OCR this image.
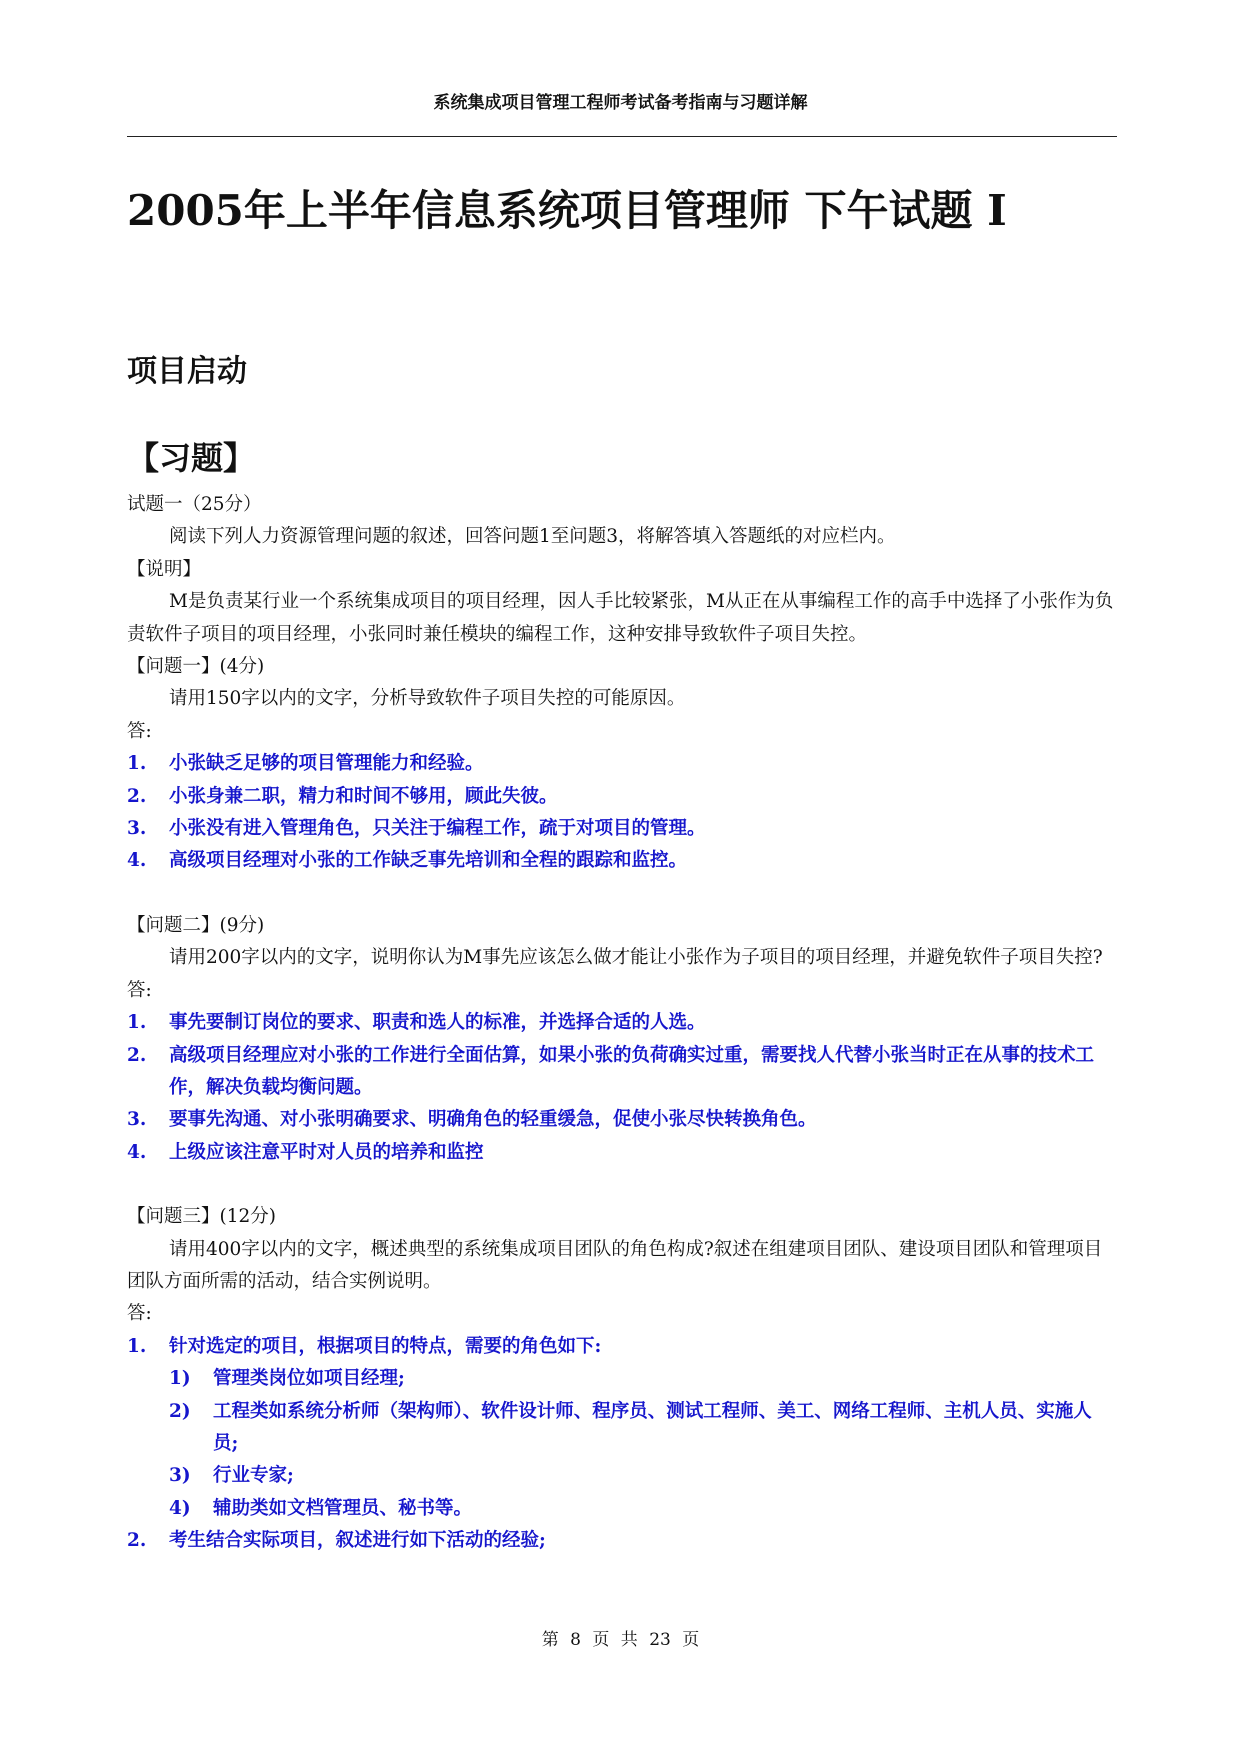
系统集成项目管理工程师考试备考指南与习题详解
2005年上半年信息系统项目管理师 下午试题 I
项目启动
【习题】

试题一（25分）

阅读下列人力资源管理问题的叙述，回答问题1至问题3，将解答填入答题纸的对应栏内。

【说明】

M是负责某行业一个系统集成项目的项目经理，因人手比较紧张，M从正在从事编程工作的高手中选择了小张作为负责软件子项目的项目经理，小张同时兼任模块的编程工作，这种安排导致软件子项目失控。

【问题一】(4分)

请用150字以内的文字，分析导致软件子项目失控的可能原因。

答:

1.	小张缺乏足够的项目管理能力和经验。
2.	小张身兼二职，精力和时间不够用，顾此失彼。
3.	小张没有进入管理角色，只关注于编程工作，疏于对项目的管理。
4.	高级项目经理对小张的工作缺乏事先培训和全程的跟踪和监控。

【问题二】(9分)

请用200字以内的文字，说明你认为M事先应该怎么做才能让小张作为子项目的项目经理，并避免软件子项目失控?

答:

1.	事先要制订岗位的要求、职责和选人的标准，并选择合适的人选。
2.	高级项目经理应对小张的工作进行全面估算，如果小张的负荷确实过重，需要找人代替小张当时正在从事的技术工作，解决负载均衡问题。
3.	要事先沟通、对小张明确要求、明确角色的轻重缓急，促使小张尽快转换角色。
4.	上级应该注意平时对人员的培养和监控

【问题三】(12分)

请用400字以内的文字，概述典型的系统集成项目团队的角色构成?叙述在组建项目团队、建设项目团队和管理项目团队方面所需的活动，结合实例说明。

答:

1.	针对选定的项目，根据项目的特点，需要的角色如下:
1)	管理类岗位如项目经理;
2)	工程类如系统分析师（架构师）、软件设计师、程序员、测试工程师、美工、网络工程师、主机人员、实施人员;
3)	行业专家;
4)	辅助类如文档管理员、秘书等。
2.	考生结合实际项目，叙述进行如下活动的经验;
第 8 页 共 23 页
